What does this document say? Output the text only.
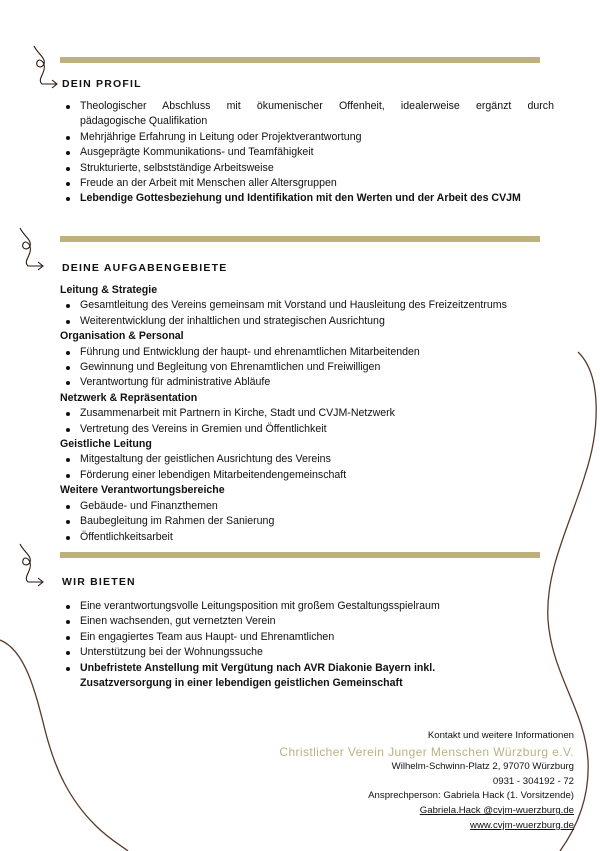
DEIN PROFIL
Theologischer Abschluss mit ökumenischer Offenheit, idealerweise ergänzt durch
pädagogische Qualifikation
Mehrjährige Erfahrung in Leitung oder Projektverantwortung
Ausgeprägte Kommunikations- und Teamfähigkeit
Strukturierte, selbstständige Arbeitsweise
Freude an der Arbeit mit Menschen aller Altersgruppen
Lebendige Gottesbeziehung und Identifikation mit den Werten und der Arbeit des CVJM
DEINE AUFGABENGEBIETE
Leitung & Strategie
Gesamtleitung des Vereins gemeinsam mit Vorstand und Hausleitung des Freizeitzentrums
Weiterentwicklung der inhaltlichen und strategischen Ausrichtung
Organisation & Personal
Führung und Entwicklung der haupt- und ehrenamtlichen Mitarbeitenden
Gewinnung und Begleitung von Ehrenamtlichen und Freiwilligen
Verantwortung für administrative Abläufe
Netzwerk & Repräsentation
Zusammenarbeit mit Partnern in Kirche, Stadt und CVJM-Netzwerk
Vertretung des Vereins in Gremien und Öffentlichkeit
Geistliche Leitung
Mitgestaltung der geistlichen Ausrichtung des Vereins
Förderung einer lebendigen Mitarbeitendengemeinschaft
Weitere Verantwortungsbereiche
Gebäude- und Finanzthemen
Baubegleitung im Rahmen der Sanierung
Öffentlichkeitsarbeit
WIR BIETEN
Eine verantwortungsvolle Leitungsposition mit großem Gestaltungsspielraum
Einen wachsenden, gut vernetzten Verein
Ein engagiertes Team aus Haupt- und Ehrenamtlichen
Unterstützung bei der Wohnungssuche
Unbefristete Anstellung mit Vergütung nach AVR Diakonie Bayern inkl.
Zusatzversorgung in einer lebendigen geistlichen Gemeinschaft
Kontakt und weitere Informationen
Christlicher Verein Junger Menschen Würzburg e.V.
Wilhelm-Schwinn-Platz 2, 97070 Würzburg
0931 - 304192 - 72
Ansprechperson: Gabriela Hack (1. Vorsitzende)
Gabriela.Hack @cvjm-wuerzburg.de
www.cvjm-wuerzburg.de
